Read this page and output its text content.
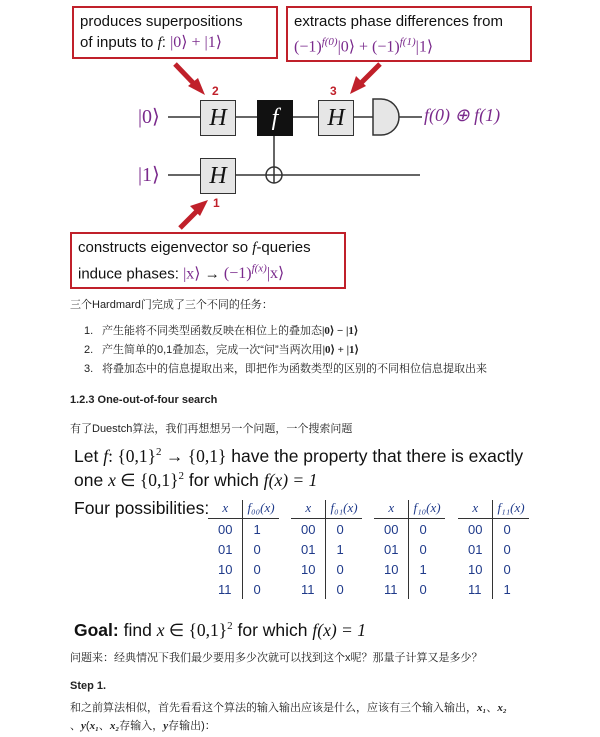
produces superpositions
of inputs to f: |0⟩ + |1⟩
extracts phase differences from
$(-1)^{f(0)}|0⟩$ + $(-1)^{f(1)}|1⟩$
constructs eigenvector so f-queries
induce phases: |x⟩ → $(-1)^{f(x)}|x⟩$
|0⟩
|1⟩
H
H
f	H
2	3
1
f(0) ⊕ f(1)
三个Hardmard门完成了三个不同的任务：
1. 产生能将不同类型函数反映在相位上的叠加态|0⟩ − |1⟩
2. 产生简单的0,1叠加态，完成一次“问”当两次用|0⟩ + |1⟩
3. 将叠加态中的信息提取出来，即把作为函数类型的区别的不同相位信息提取出来
1.2.3 One-out-of-four search
有了Duestch算法，我们再想想另一个问题，一个搜索问题
Let f: $\{0,1\}^2 \to \{0,1\}$ have the property that there is exactly
one x ∈ $\{0,1\}^2$ for which f(x) = 1
Four possibilities: x	f₀₀(x)
00	1
01	0
10	0
11	0
x	f₀₁(x)
00	0
01	1
10	0
11	0
x	f₁₀(x)
00	0
01	0
10	1
11	0
x	f₁₁(x)
00	0
01	0
10	0
11	1
Goal: find x ∈ $\{0,1\}^2$ for which f(x) = 1
问题来：经典情况下我们最少要用多少次就可以找到这个x呢？那量子计算又是多少？
Step 1.
和之前算法相似，首先看看这个算法的输入输出应该是什么，应该有三个输入输出，x₁、x₂
、y(x₁、x₂存输入，y存输出)：
